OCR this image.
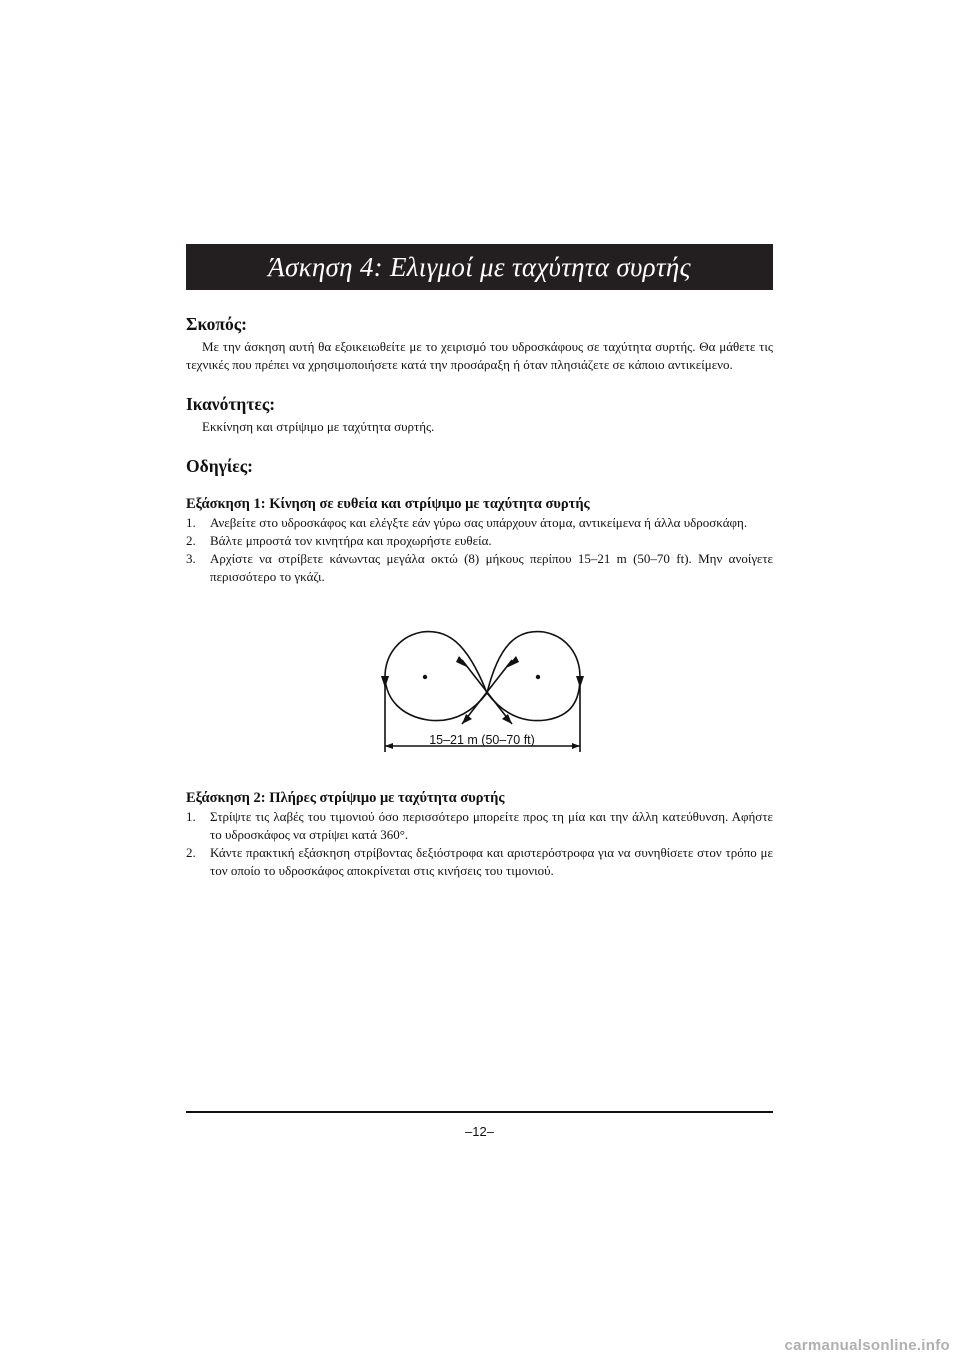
Άσκηση 4: Ελιγμοί με ταχύτητα συρτής
Σκοπός:

Με την άσκηση αυτή θα εξοικειωθείτε με το χειρισμό του υδροσκάφους σε ταχύτητα συρτής. Θα μάθετε τις τεχνικές που πρέπει να χρησιμοποιήσετε κατά την προσάραξη ή όταν πλησιάζετε σε κάποιο αντικείμενο.

Ικανότητες:

Εκκίνηση και στρίψιμο με ταχύτητα συρτής.

Οδηγίες:
Εξάσκηση 1: Κίνηση σε ευθεία και στρίψιμο με ταχύτητα συρτής
1. Ανεβείτε στο υδροσκάφος και ελέγξτε εάν γύρω σας υπάρχουν άτομα, αντικείμενα ή άλλα υδροσκάφη.
2. Βάλτε μπροστά τον κινητήρα και προχωρήστε ευθεία.
3. Αρχίστε να στρίβετε κάνωντας μεγάλα οκτώ (8) μήκους περίπου 15–21 m (50–70 ft). Μην ανοίγετε περισσότερο το γκάζι.
15–21 m (50–70 ft)
Εξάσκηση 2: Πλήρες στρίψιμο με ταχύτητα συρτής
1. Στρίψτε τις λαβές του τιμονιού όσο περισσότερο μπορείτε προς τη μία και την άλλη κατεύθυνση. Αφήστε το υδροσκάφος να στρίψει κατά 360°.
2. Κάντε πρακτική εξάσκηση στρίβοντας δεξιόστροφα και αριστερόστροφα για να συνηθίσετε στον τρόπο με τον οποίο το υδροσκάφος αποκρίνεται στις κινήσεις του τιμονιού.
–12–
carmanualsonline.info
